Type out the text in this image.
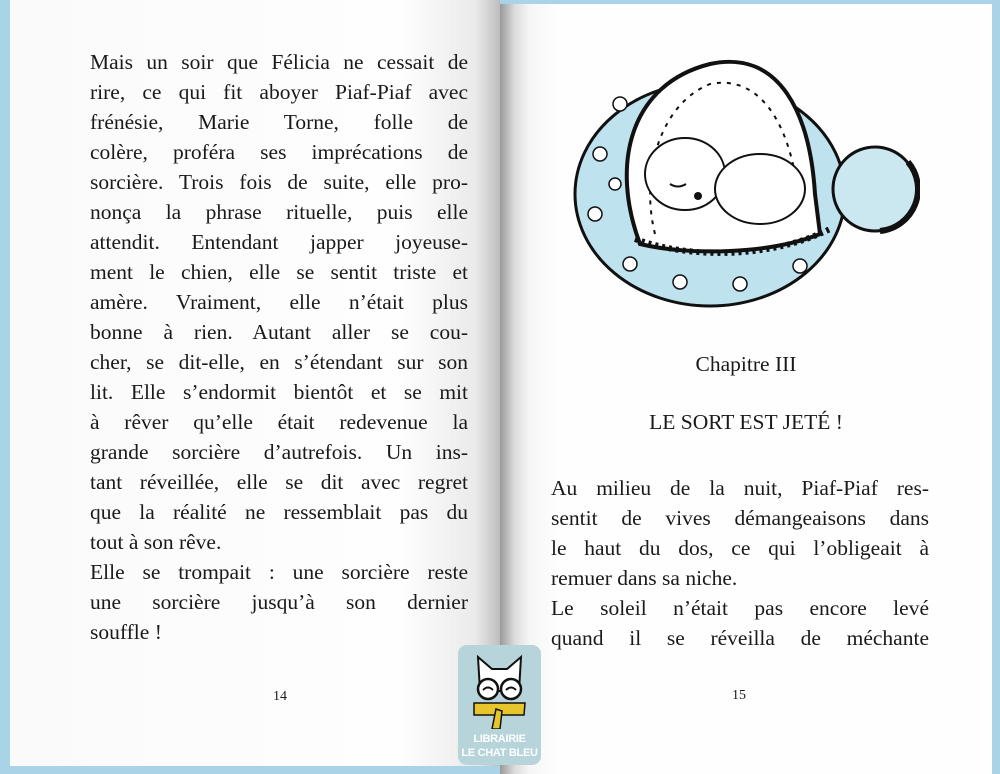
Mais un soir que Félicia ne cessait de
rire, ce qui fit aboyer Piaf-Piaf avec
frénésie, Marie Torne, folle de
colère, proféra ses imprécations de
sorcière. Trois fois de suite, elle pro-
nonça la phrase rituelle, puis elle
attendit. Entendant japper joyeuse-
ment le chien, elle se sentit triste et
amère. Vraiment, elle n’était plus
bonne à rien. Autant aller se cou-
cher, se dit-elle, en s’étendant sur son
lit. Elle s’endormit bientôt et se mit
à rêver qu’elle était redevenue la
grande sorcière d’autrefois. Un ins-
tant réveillée, elle se dit avec regret
que la réalité ne ressemblait pas du
tout à son rêve.
Elle se trompait : une sorcière reste
une sorcière jusqu’à son dernier
souffle !
14
Chapitre III
LE SORT EST JETÉ !
Au milieu de la nuit, Piaf-Piaf res-
sentit de vives démangeaisons dans
le haut du dos, ce qui l’obligeait à
remuer dans sa niche.
Le soleil n’était pas encore levé
quand il se réveilla de méchante
15
LIBRAIRIE
LE CHAT BLEU
